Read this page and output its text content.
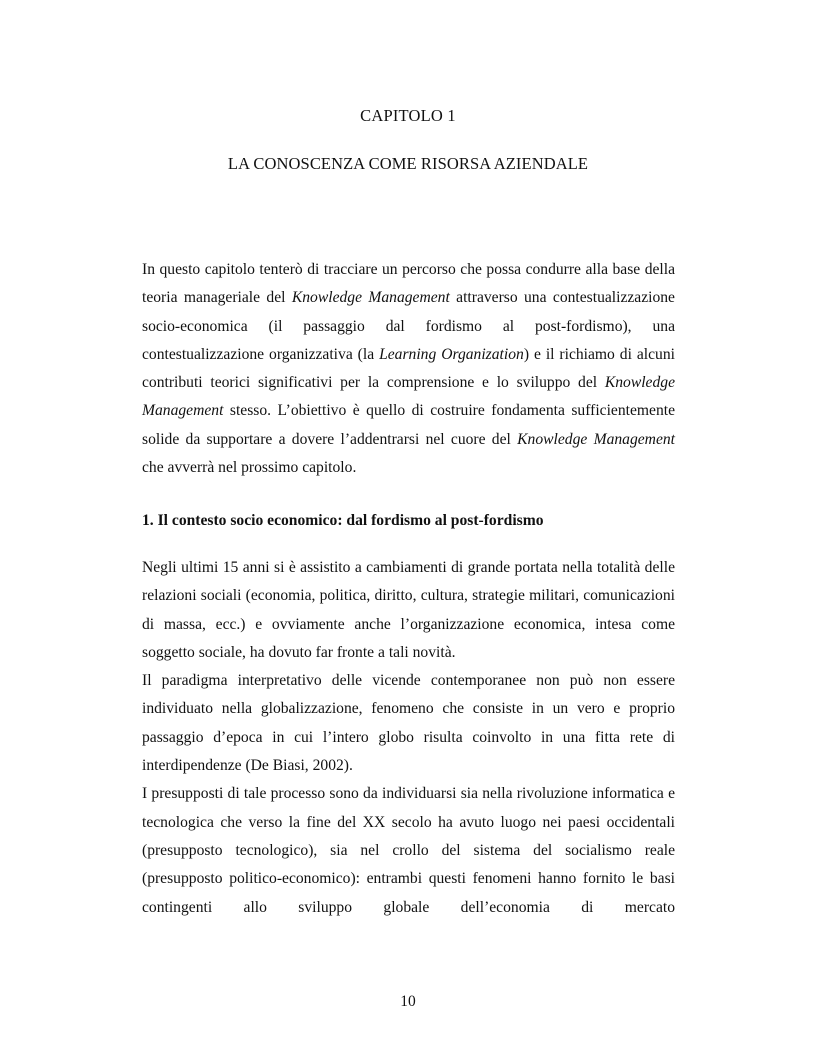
CAPITOLO 1
LA CONOSCENZA COME RISORSA AZIENDALE
In questo capitolo tenterò di tracciare un percorso che possa condurre alla base della teoria manageriale del Knowledge Management attraverso una contestualizzazione socio-economica (il passaggio dal fordismo al post-fordismo), una contestualizzazione organizzativa (la Learning Organization) e il richiamo di alcuni contributi teorici significativi per la comprensione e lo sviluppo del Knowledge Management stesso. L’obiettivo è quello di costruire fondamenta sufficientemente solide da supportare a dovere l’addentrarsi nel cuore del Knowledge Management che avverrà nel prossimo capitolo.
1. Il contesto socio economico: dal fordismo al post-fordismo

Negli ultimi 15 anni si è assistito a cambiamenti di grande portata nella totalità delle relazioni sociali (economia, politica, diritto, cultura, strategie militari, comunicazioni di massa, ecc.) e ovviamente anche l’organizzazione economica, intesa come soggetto sociale, ha dovuto far fronte a tali novità.

Il paradigma interpretativo delle vicende contemporanee non può non essere individuato nella globalizzazione, fenomeno che consiste in un vero e proprio passaggio d’epoca in cui l’intero globo risulta coinvolto in una fitta rete di interdipendenze (De Biasi, 2002).

I presupposti di tale processo sono da individuarsi sia nella rivoluzione informatica e tecnologica che verso la fine del XX secolo ha avuto luogo nei paesi occidentali (presupposto tecnologico), sia nel crollo del sistema del socialismo reale (presupposto politico-economico): entrambi questi fenomeni hanno fornito le basi contingenti allo sviluppo globale dell’economia di mercato

10
